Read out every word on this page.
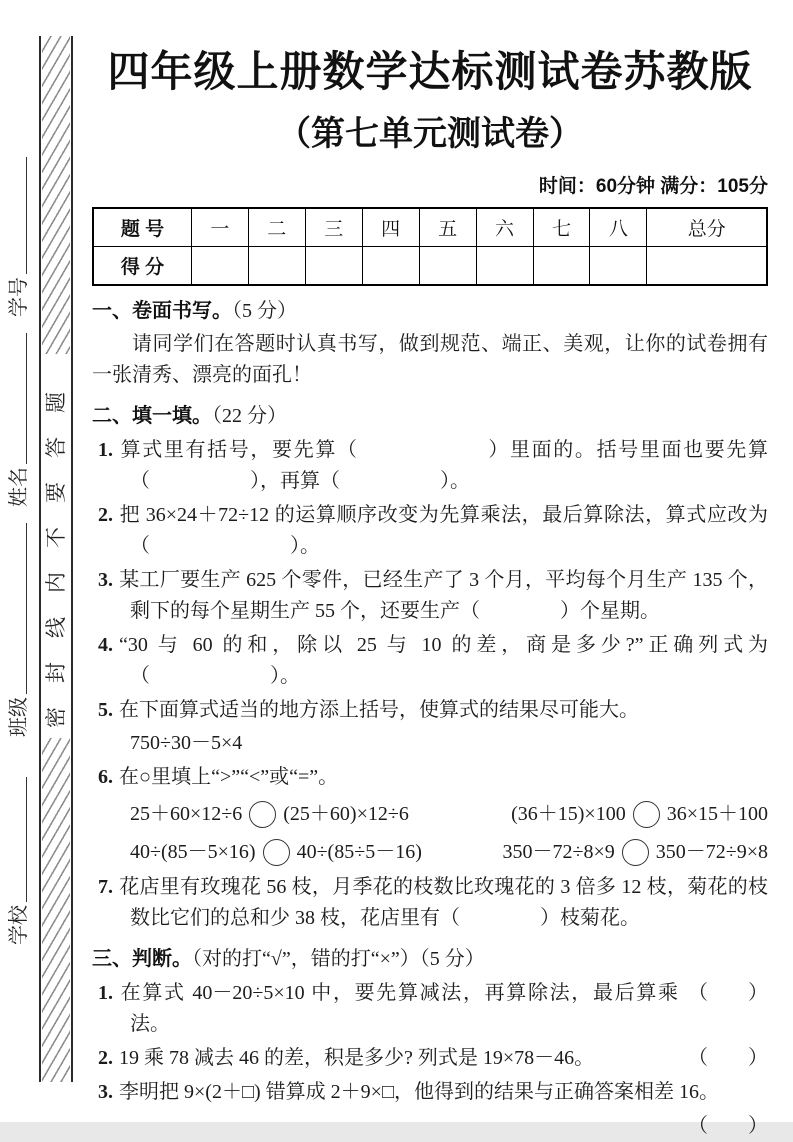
学号
姓名
班级
学校
密封线内不要答题
四年级上册数学达标测试卷苏教版
（第七单元测试卷）
时间：60分钟 满分：105分
题 号	一	二	三	四	五	六	七	八	总分
得 分									
一、卷面书写。（5 分）

请同学们在答题时认真书写，做到规范、端正、美观，让你的试卷拥有一张清秀、漂亮的面孔！

二、填一填。（22 分）
1. 算式里有括号，要先算（　　　　　　）里面的。括号里面也要先算（　　　　　），再算（　　　　　）。
2. 把 36×24＋72÷12 的运算顺序改变为先算乘法，最后算除法，算式应改为（　　　　　　　）。
3. 某工厂要生产 625 个零件，已经生产了 3 个月，平均每个月生产 135 个，剩下的每个星期生产 55 个，还要生产（　　　　）个星期。
4. “30 与 60 的和，除以 25 与 10 的差，商是多少?”正确列式为（　　　　　　）。
5. 在下面算式适当的地方添上括号，使算式的结果尽可能大。
750÷30－5×4
6. 在○里填上“>”“<”或“=”。
25＋60×12÷6 (25＋60)×12÷6	(36＋15)×100 36×15＋100
40÷(85－5×16) 40÷(85÷5－16)	350－72÷8×9 350－72÷9×8
7. 花店里有玫瑰花 56 枝，月季花的枝数比玫瑰花的 3 倍多 12 枝，菊花的枝数比它们的总和少 38 枝，花店里有（　　　　）枝菊花。
三、判断。（对的打“√”，错的打“×”）（5 分）
1. 在算式 40－20÷5×10 中，要先算减法，再算除法，最后算乘法。
（　　）
2. 19 乘 78 减去 46 的差，积是多少? 列式是 19×78－46。	（　　）
3. 李明把 9×(2＋□) 错算成 2＋9×□，他得到的结果与正确答案相差 16。
（　　）
